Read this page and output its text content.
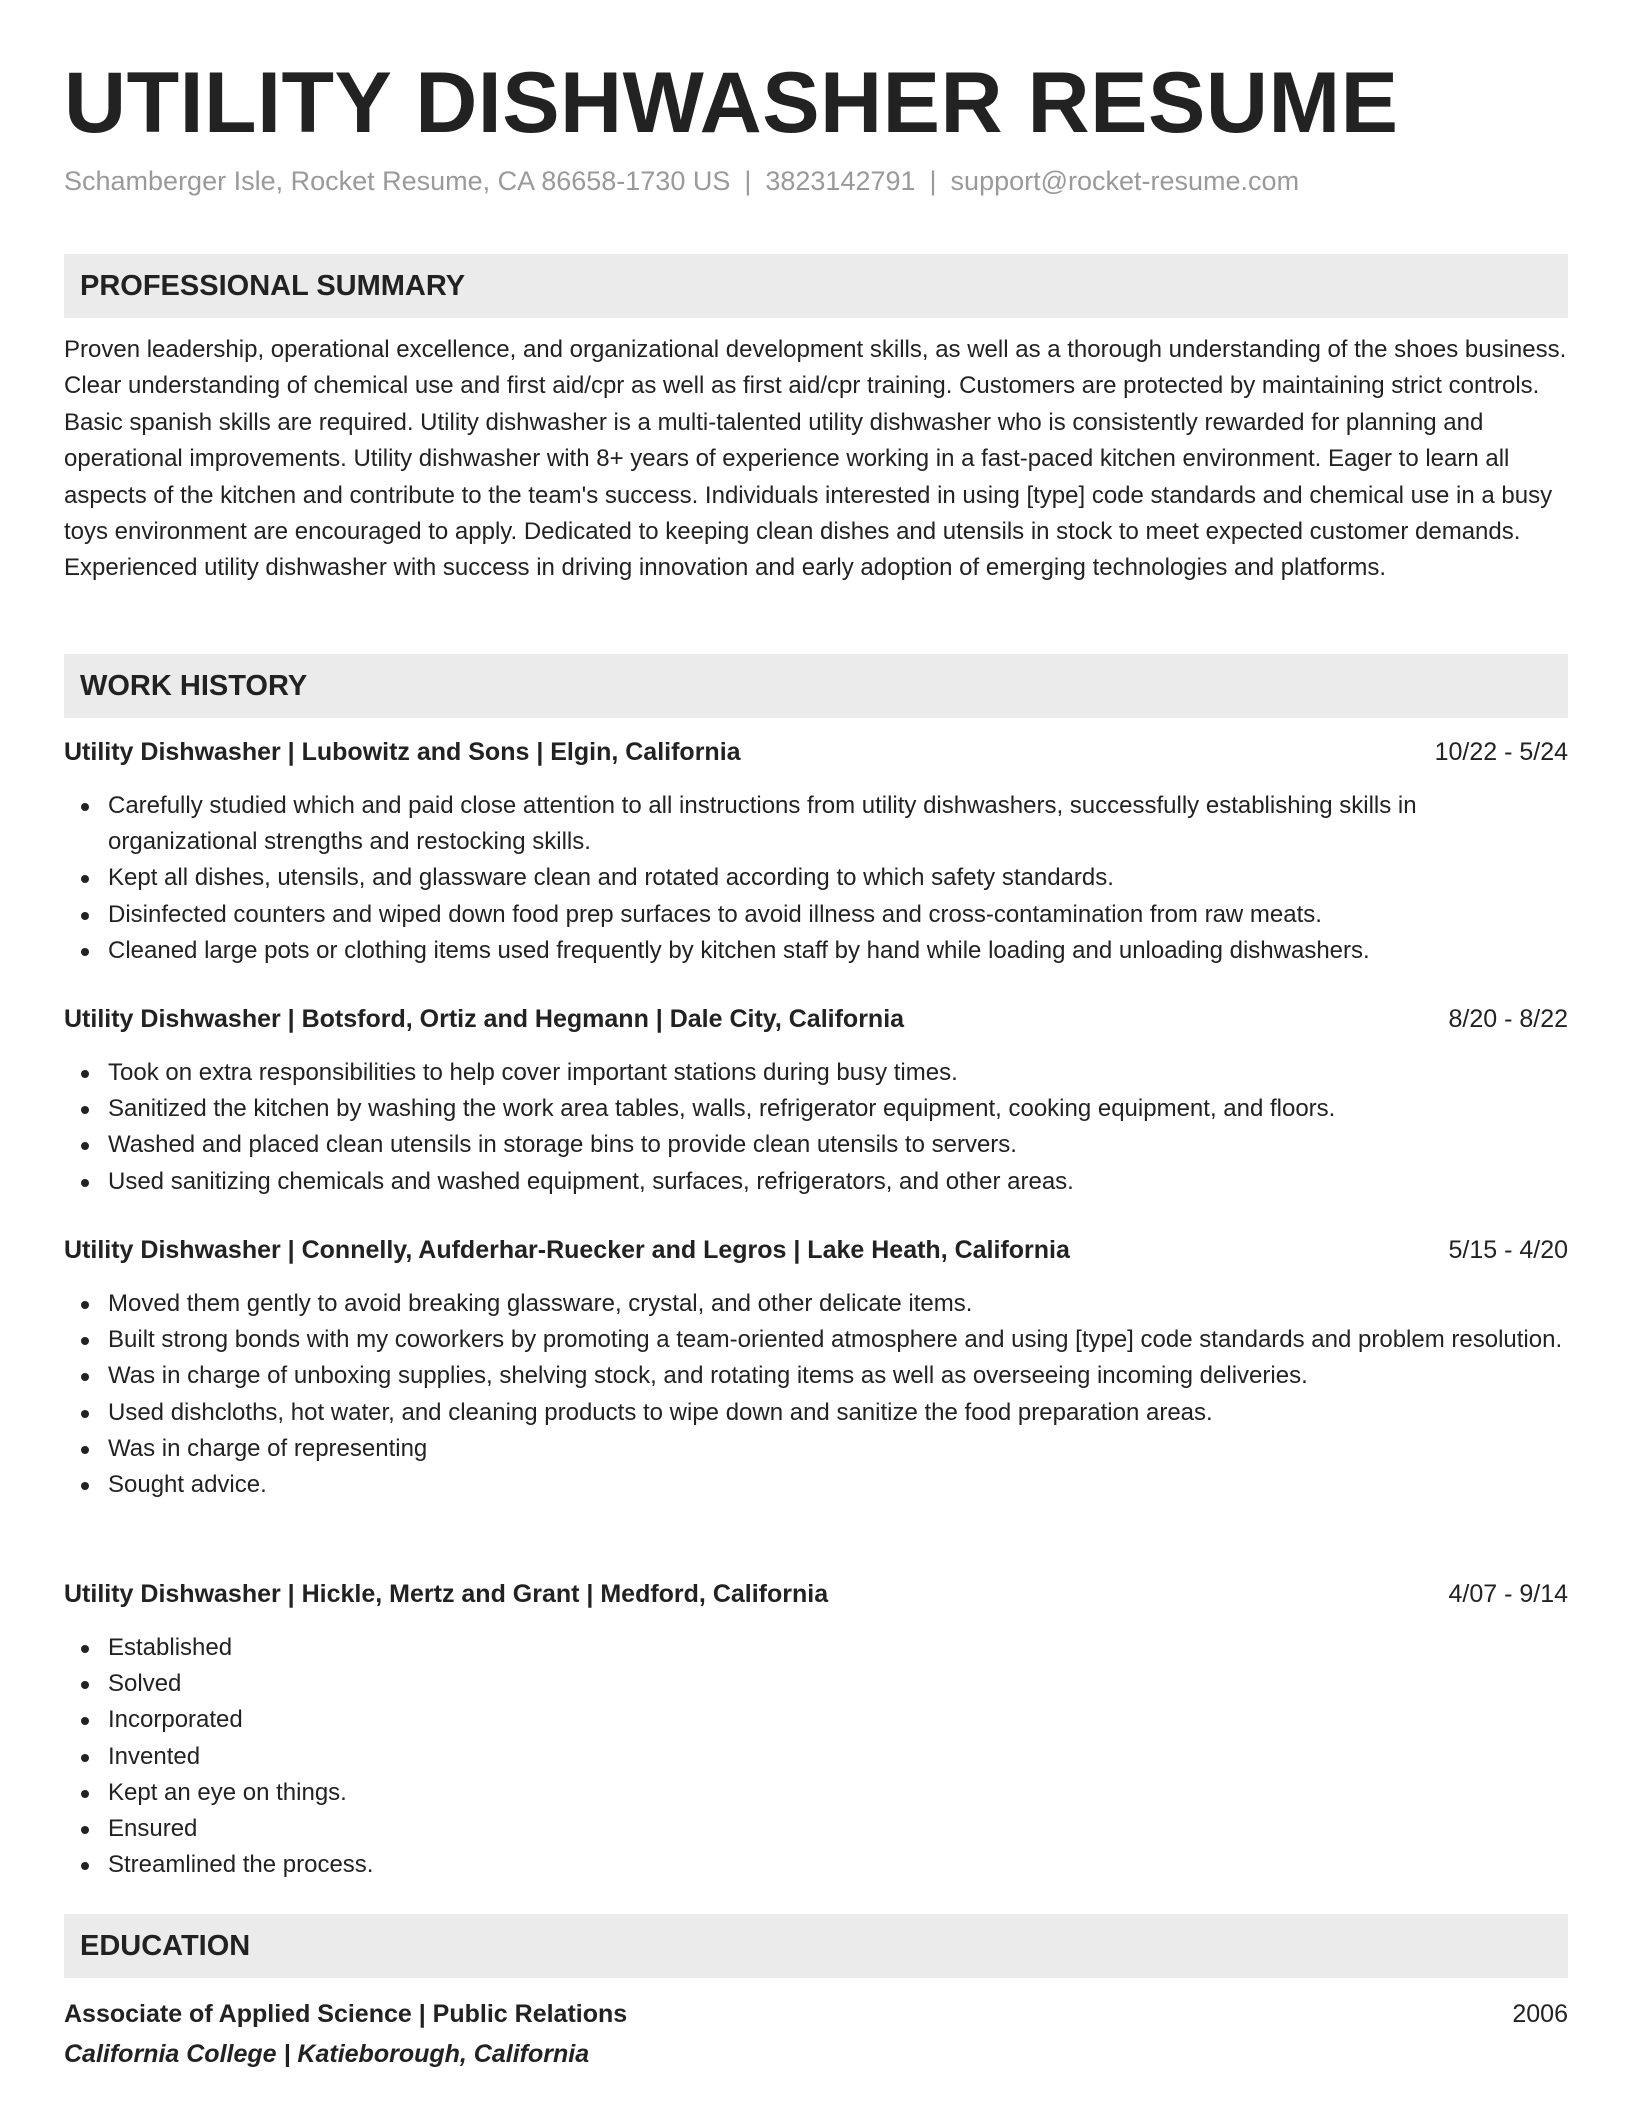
UTILITY DISHWASHER RESUME
Schamberger Isle, Rocket Resume, CA 86658-1730 US | 3823142791 | support@rocket-resume.com
PROFESSIONAL SUMMARY

Proven leadership, operational excellence, and organizational development skills, as well as a thorough understanding of the shoes business. Clear understanding of chemical use and first aid/cpr as well as first aid/cpr training. Customers are protected by maintaining strict controls. Basic spanish skills are required. Utility dishwasher is a multi-talented utility dishwasher who is consistently rewarded for planning and operational improvements. Utility dishwasher with 8+ years of experience working in a fast-paced kitchen environment. Eager to learn all aspects of the kitchen and contribute to the team's success. Individuals interested in using [type] code standards and chemical use in a busy toys environment are encouraged to apply. Dedicated to keeping clean dishes and utensils in stock to meet expected customer demands. Experienced utility dishwasher with success in driving innovation and early adoption of emerging technologies and platforms.

WORK HISTORY
Utility Dishwasher | Lubowitz and Sons | Elgin, California	10/22 - 5/24
Carefully studied which and paid close attention to all instructions from utility dishwashers, successfully establishing skills in organizational strengths and restocking skills.
Kept all dishes, utensils, and glassware clean and rotated according to which safety standards.
Disinfected counters and wiped down food prep surfaces to avoid illness and cross-contamination from raw meats.
Cleaned large pots or clothing items used frequently by kitchen staff by hand while loading and unloading dishwashers.
Utility Dishwasher | Botsford, Ortiz and Hegmann | Dale City, California	8/20 - 8/22
Took on extra responsibilities to help cover important stations during busy times.
Sanitized the kitchen by washing the work area tables, walls, refrigerator equipment, cooking equipment, and floors.
Washed and placed clean utensils in storage bins to provide clean utensils to servers.
Used sanitizing chemicals and washed equipment, surfaces, refrigerators, and other areas.
Utility Dishwasher | Connelly, Aufderhar-Ruecker and Legros | Lake Heath, California	5/15 - 4/20
Moved them gently to avoid breaking glassware, crystal, and other delicate items.
Built strong bonds with my coworkers by promoting a team-oriented atmosphere and using [type] code standards and problem resolution.
Was in charge of unboxing supplies, shelving stock, and rotating items as well as overseeing incoming deliveries.
Used dishcloths, hot water, and cleaning products to wipe down and sanitize the food preparation areas.
Was in charge of representing
Sought advice.
Utility Dishwasher | Hickle, Mertz and Grant | Medford, California	4/07 - 9/14
Established
Solved
Incorporated
Invented
Kept an eye on things.
Ensured
Streamlined the process.
EDUCATION
Associate of Applied Science | Public Relations	2006
California College | Katieborough, California
